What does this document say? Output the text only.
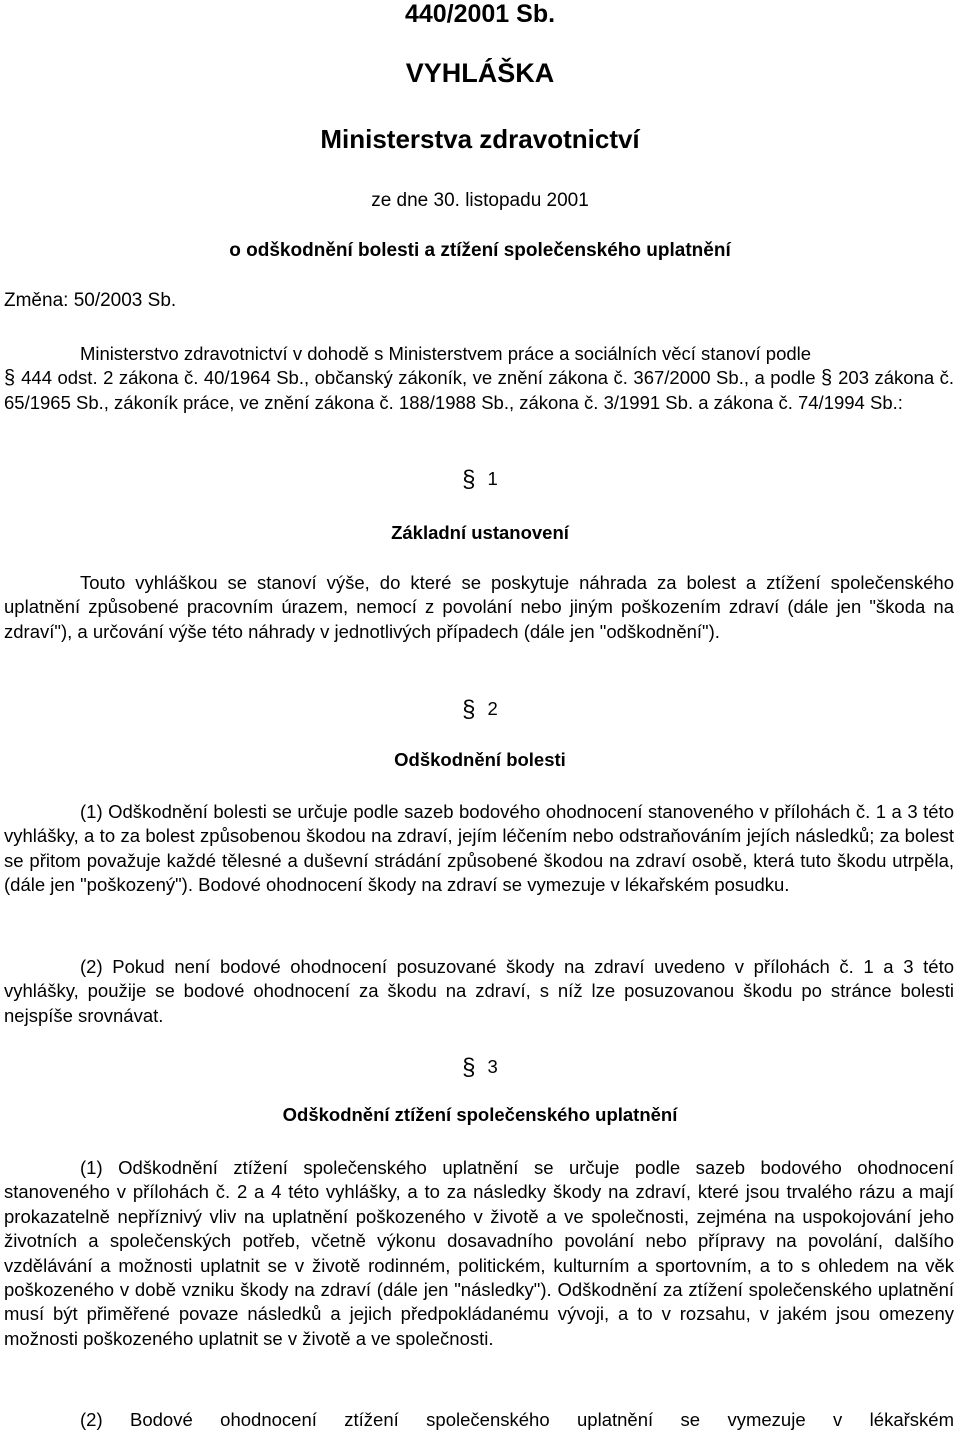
440/2001 Sb.
VYHLÁŠKA
Ministerstva zdravotnictví
ze dne 30. listopadu 2001
o odškodnění bolesti a ztížení společenského uplatnění
Změna: 50/2003 Sb.
Ministerstvo zdravotnictví v dohodě s Ministerstvem práce a sociálních věcí stanoví podle
§ 444 odst. 2 zákona č. 40/1964 Sb., občanský zákoník, ve znění zákona č. 367/2000 Sb., a podle § 203 zákona č. 65/1965 Sb., zákoník práce, ve znění zákona č. 188/1988 Sb., zákona č. 3/1991 Sb. a zákona č. 74/1994 Sb.:
§ 1
Základní ustanovení
Touto vyhláškou se stanoví výše, do které se poskytuje náhrada za bolest a ztížení společenského uplatnění způsobené pracovním úrazem, nemocí z povolání nebo jiným poškozením zdraví (dále jen "škoda na zdraví"), a určování výše této náhrady v jednotlivých případech (dále jen "odškodnění").
§ 2
Odškodnění bolesti
(1) Odškodnění bolesti se určuje podle sazeb bodového ohodnocení stanoveného v přílohách č. 1 a 3 této vyhlášky, a to za bolest způsobenou škodou na zdraví, jejím léčením nebo odstraňováním jejích následků; za bolest se přitom považuje každé tělesné a duševní strádání způsobené škodou na zdraví osobě, která tuto škodu utrpěla, (dále jen "poškozený"). Bodové ohodnocení škody na zdraví se vymezuje v lékařském posudku.
(2) Pokud není bodové ohodnocení posuzované škody na zdraví uvedeno v přílohách č. 1 a 3 této vyhlášky, použije se bodové ohodnocení za škodu na zdraví, s níž lze posuzovanou škodu po stránce bolesti nejspíše srovnávat.
§ 3
Odškodnění ztížení společenského uplatnění
(1) Odškodnění ztížení společenského uplatnění se určuje podle sazeb bodového ohodnocení stanoveného v přílohách č. 2 a 4 této vyhlášky, a to za následky škody na zdraví, které jsou trvalého rázu a mají prokazatelně nepříznivý vliv na uplatnění poškozeného v životě a ve společnosti, zejména na uspokojování jeho životních a společenských potřeb, včetně výkonu dosavadního povolání nebo přípravy na povolání, dalšího vzdělávání a možnosti uplatnit se v životě rodinném, politickém, kulturním a sportovním, a to s ohledem na věk poškozeného v době vzniku škody na zdraví (dále jen "následky"). Odškodnění za ztížení společenského uplatnění musí být přiměřené povaze následků a jejich předpokládanému vývoji, a to v rozsahu, v jakém jsou omezeny možnosti poškozeného uplatnit se v životě a ve společnosti.
(2) Bodové ohodnocení ztížení společenského uplatnění se vymezuje v lékařském
